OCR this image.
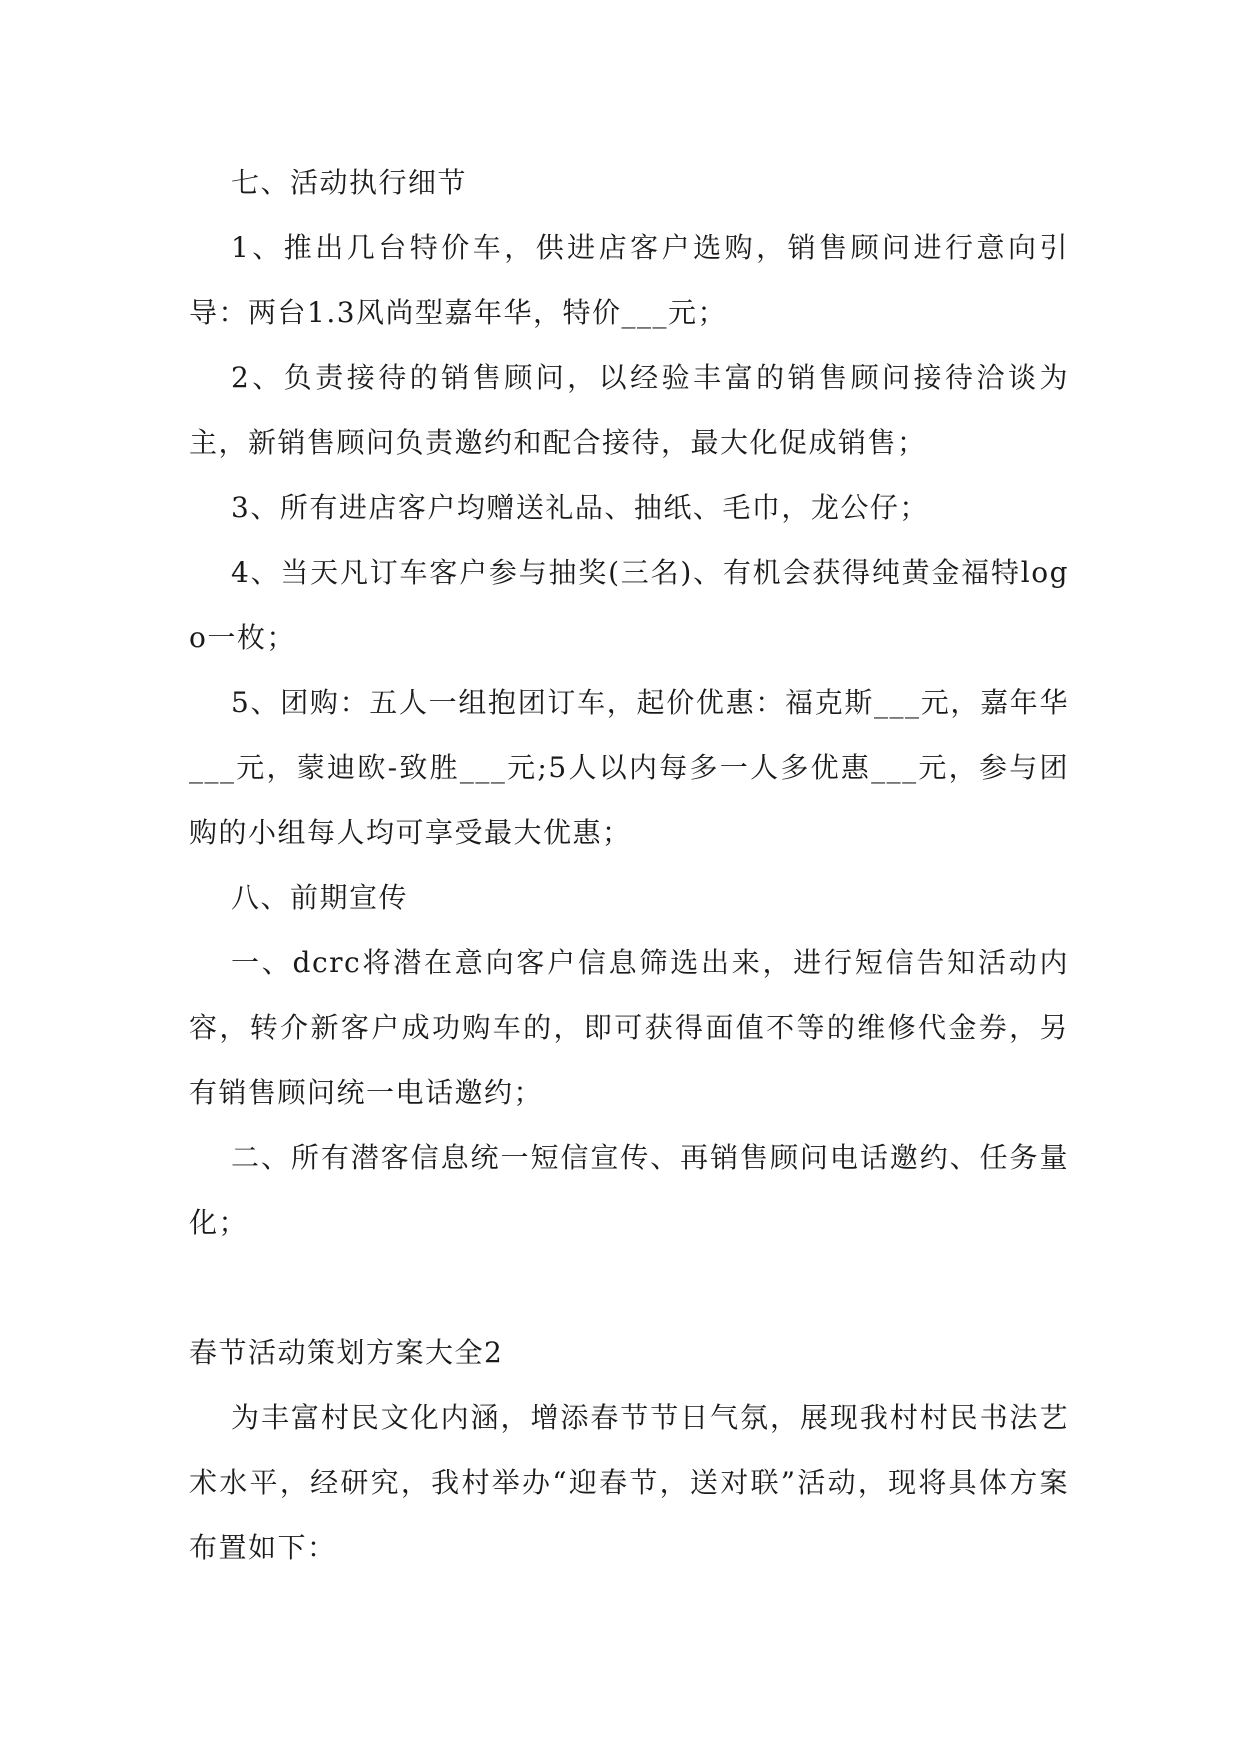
七、活动执行细节

1、推出几台特价车，供进店客户选购，销售顾问进行意向引导：两台1.3风尚型嘉年华，特价___元；

2、负责接待的销售顾问，以经验丰富的销售顾问接待洽谈为主，新销售顾问负责邀约和配合接待，最大化促成销售；

3、所有进店客户均赠送礼品、抽纸、毛巾，龙公仔；

4、当天凡订车客户参与抽奖(三名)、有机会获得纯黄金福特logo一枚；

5、团购：五人一组抱团订车，起价优惠：福克斯___元，嘉年华___元，蒙迪欧-致胜___元;5人以内每多一人多优惠___元，参与团购的小组每人均可享受最大优惠；

八、前期宣传

一、dcrc将潜在意向客户信息筛选出来，进行短信告知活动内容，转介新客户成功购车的，即可获得面值不等的维修代金券，另有销售顾问统一电话邀约；

二、所有潜客信息统一短信宣传、再销售顾问电话邀约、任务量化；

春节活动策划方案大全2

为丰富村民文化内涵，增添春节节日气氛，展现我村村民书法艺术水平，经研究，我村举办“迎春节，送对联”活动，现将具体方案布置如下：
